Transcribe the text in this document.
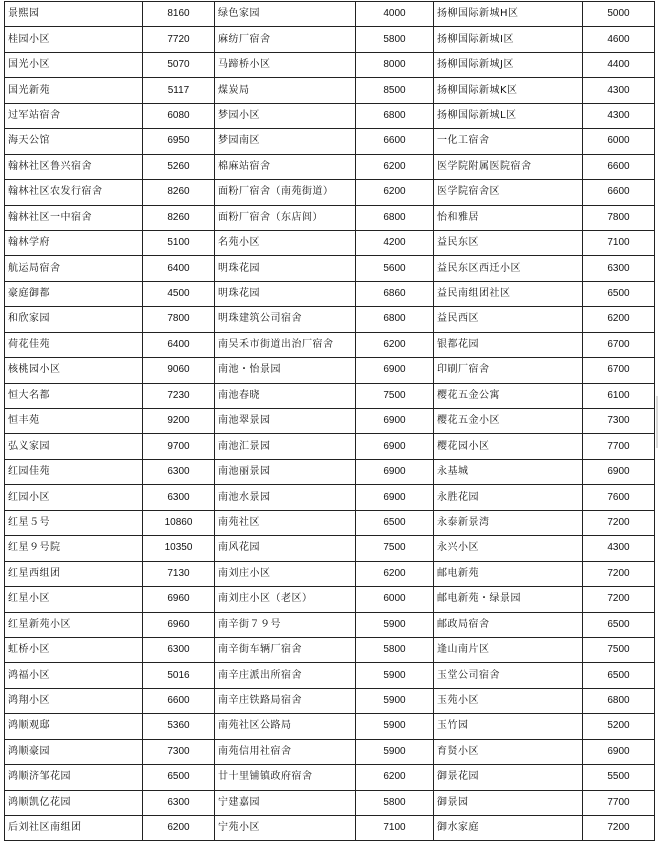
景熙园	8160	绿色家园	4000	扬柳国际新城H区	5000
桂园小区	7720	麻纺厂宿舍	5800	扬柳国际新城I区	4600
国光小区	5070	马蹄桥小区	8000	扬柳国际新城J区	4400
国光新苑	5117	煤炭局	8500	扬柳国际新城K区	4300
过军站宿舍	6080	梦园小区	6800	扬柳国际新城L区	4300
海天公馆	6950	梦园南区	6600	一化工宿舍	6000
翰林社区鲁兴宿舍	5260	棉麻站宿舍	6200	医学院附属医院宿舍	6600
翰林社区农发行宿舍	8260	面粉厂宿舍（南苑街道）	6200	医学院宿舍区	6600
翰林社区一中宿舍	8260	面粉厂宿舍（东店闾）	6800	怡和雅居	7800
翰林学府	5100	名苑小区	4200	益民东区	7100
航运局宿舍	6400	明珠花园	5600	益民东区西迁小区	6300
豪庭御都	4500	明珠花园	6860	益民南组团社区	6500
和欣家园	7800	明珠建筑公司宿舍	6800	益民西区	6200
荷花佳苑	6400	南吴禾市街道出治厂宿舍	6200	银都花园	6700
核桃园小区	9060	南池・怡景园	6900	印刷厂宿舍	6700
恒大名都	7230	南池春晓	7500	樱花五金公寓	6100
恒丰苑	9200	南池翠景园	6900	樱花五金小区	7300
弘义家园	9700	南池汇景园	6900	樱花园小区	7700
红园佳苑	6300	南池丽景园	6900	永基城	6900
红园小区	6300	南池水景园	6900	永胜花园	7600
红星５号	10860	南苑社区	6500	永泰新景湾	7200
红星９号院	10350	南风花园	7500	永兴小区	4300
红星西组团	7130	南刘庄小区	6200	邮电新苑	7200
红星小区	6960	南刘庄小区（老区）	6000	邮电新苑・绿景园	7200
红星新苑小区	6960	南辛街７９号	5900	邮政局宿舍	6500
虹桥小区	6300	南辛街车辆厂宿舍	5800	逢山南片区	7500
鸿福小区	5016	南辛庄派出所宿舍	5900	玉堂公司宿舍	6500
鸿翔小区	6600	南辛庄铁路局宿舍	5900	玉苑小区	6800
鸿顺观邸	5360	南苑社区公路局	5900	玉竹园	5200
鸿顺豪园	7300	南苑信用社宿舍	5900	育贤小区	6900
鸿顺济邹花园	6500	廿十里铺镇政府宿舍	6200	御景花园	5500
鸿顺凯亿花园	6300	宁建嘉园	5800	御景园	7700
后刘社区南组团	6200	宁苑小区	7100	御水家庭	7200
